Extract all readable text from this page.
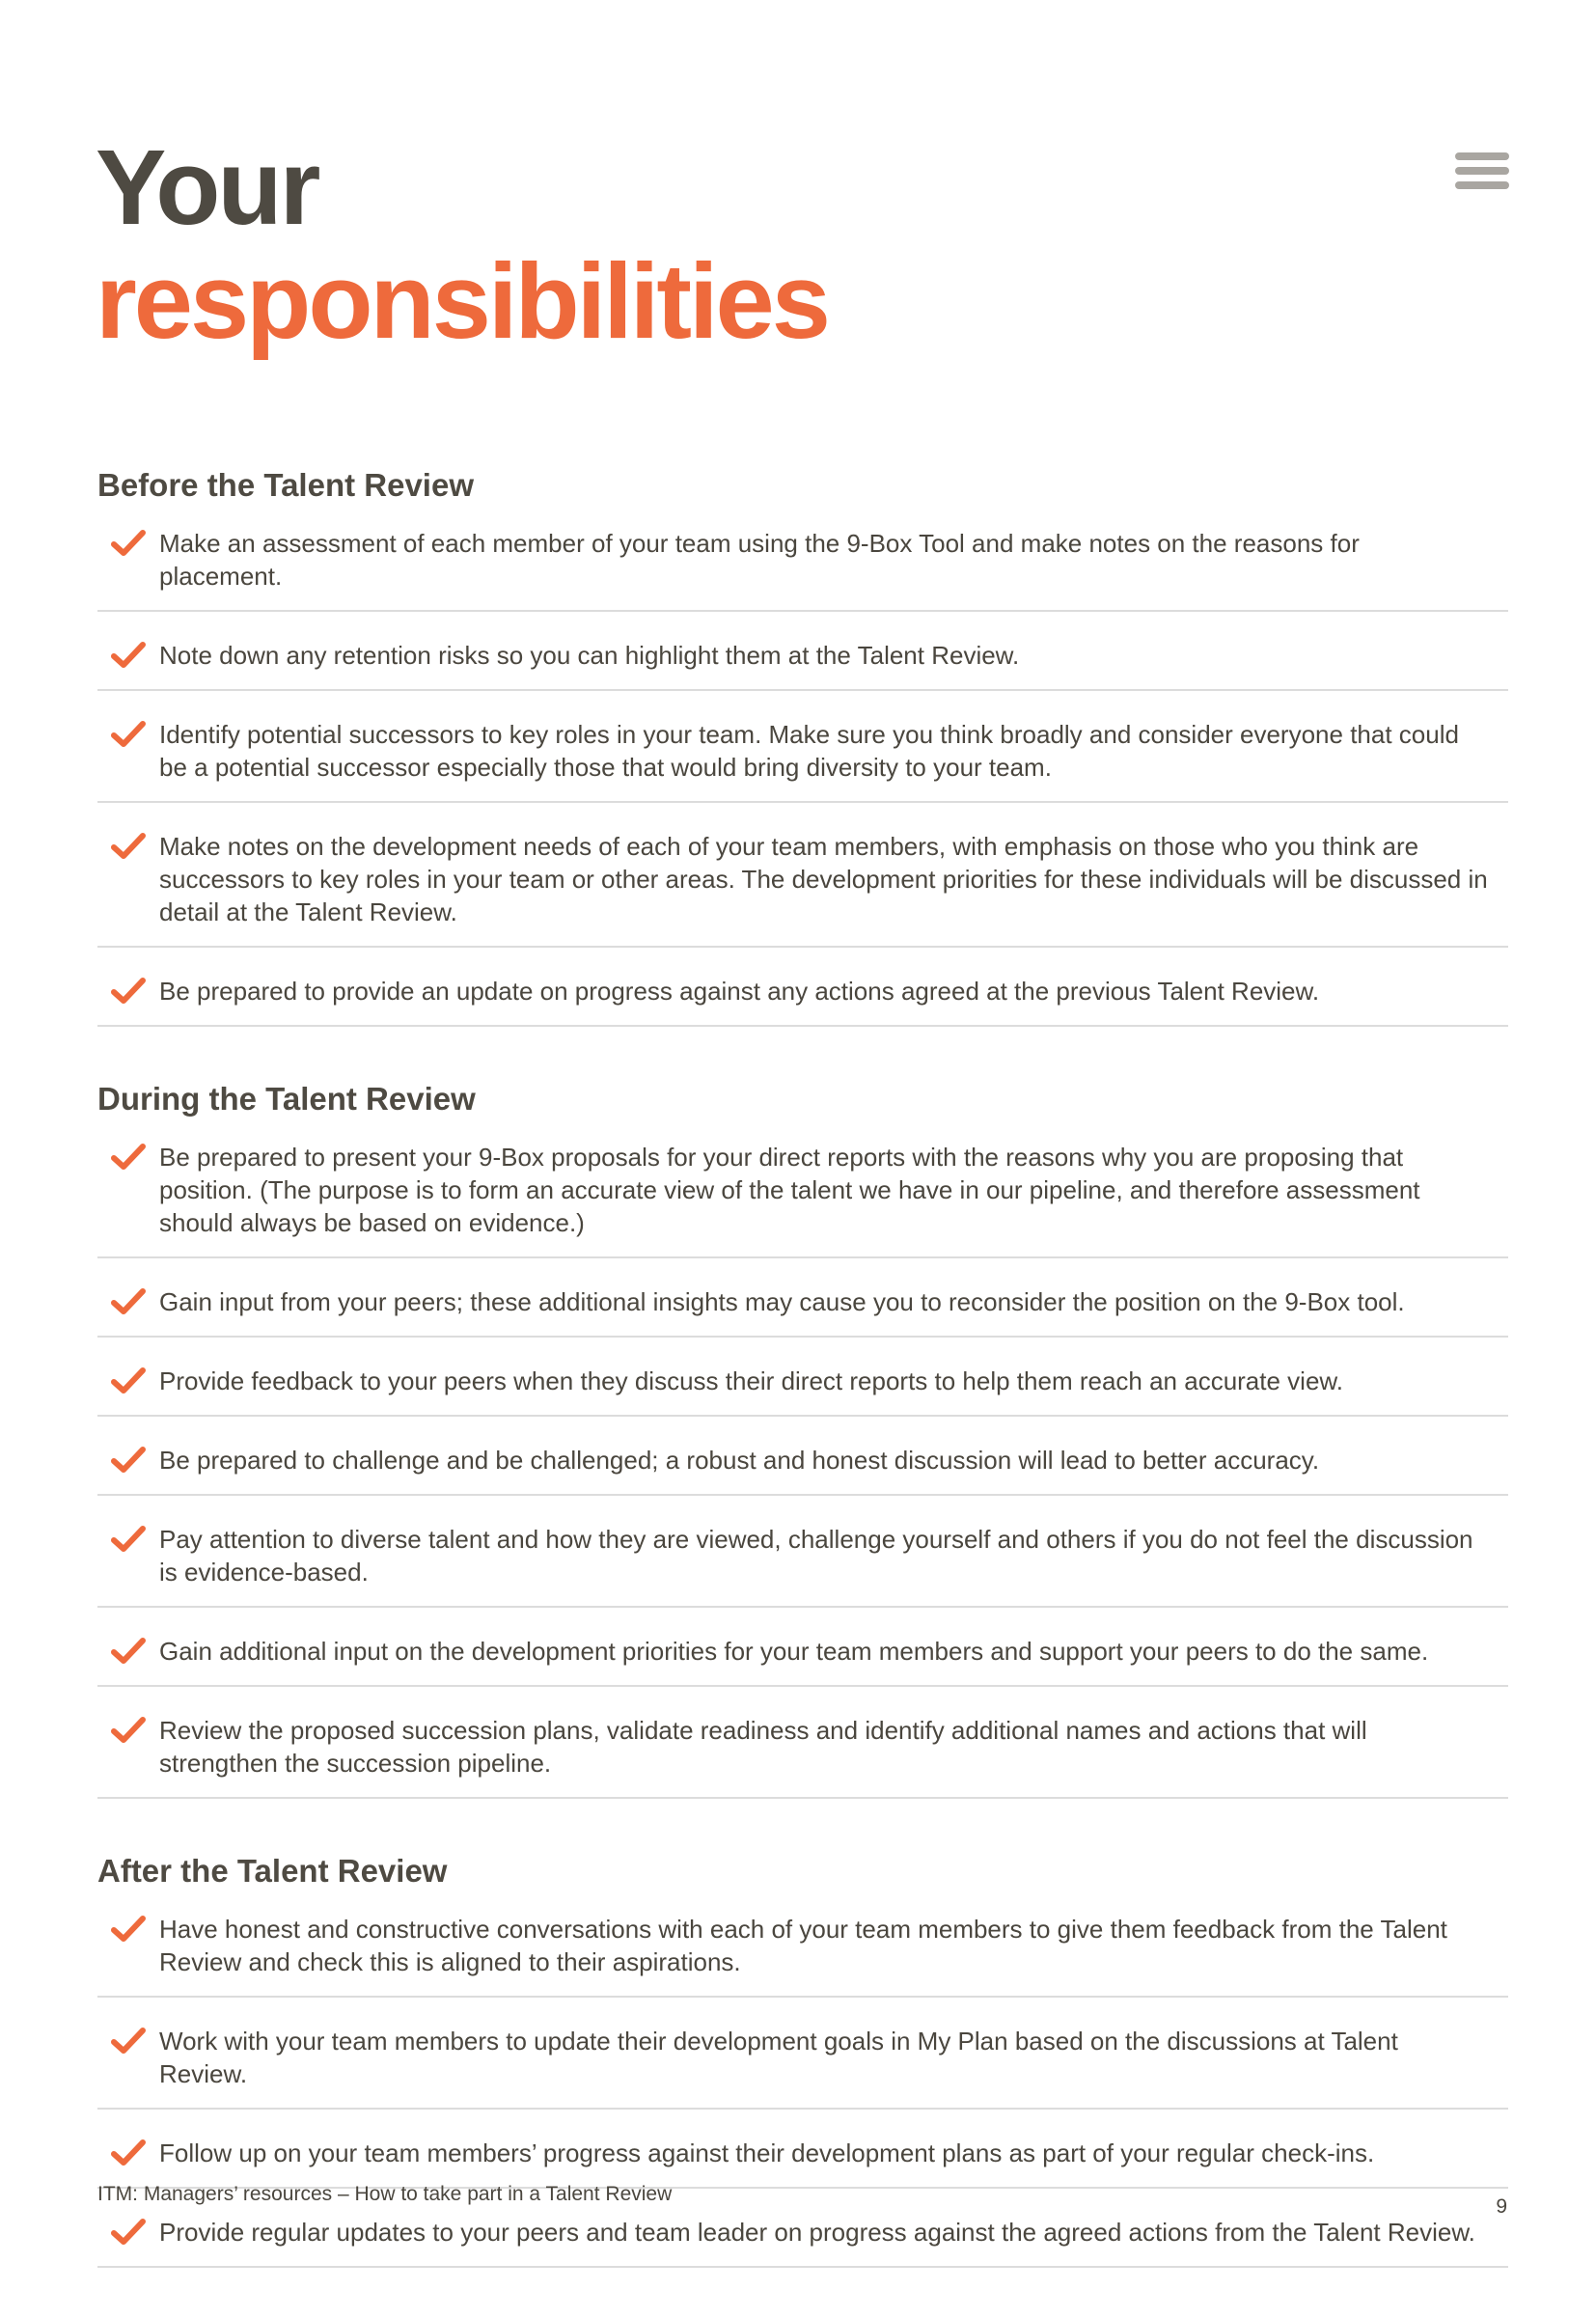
Your
responsibilities
Before the Talent Review
Make an assessment of each member of your team using the 9-Box Tool and make notes on the reasons for placement.
Note down any retention risks so you can highlight them at the Talent Review.
Identify potential successors to key roles in your team. Make sure you think broadly and consider everyone that could be a potential successor especially those that would bring diversity to your team.
Make notes on the development needs of each of your team members, with emphasis on those who you think are successors to key roles in your team or other areas. The development priorities for these individuals will be discussed in detail at the Talent Review.
Be prepared to provide an update on progress against any actions agreed at the previous Talent Review.
During the Talent Review
Be prepared to present your 9-Box proposals for your direct reports with the reasons why you are proposing that position. (The purpose is to form an accurate view of the talent we have in our pipeline, and therefore assessment should always be based on evidence.)
Gain input from your peers; these additional insights may cause you to reconsider the position on the 9-Box tool.
Provide feedback to your peers when they discuss their direct reports to help them reach an accurate view.
Be prepared to challenge and be challenged; a robust and honest discussion will lead to better accuracy.
Pay attention to diverse talent and how they are viewed, challenge yourself and others if you do not feel the discussion is evidence-based.
Gain additional input on the development priorities for your team members and support your peers to do the same.
Review the proposed succession plans, validate readiness and identify additional names and actions that will strengthen the succession pipeline.
After the Talent Review
Have honest and constructive conversations with each of your team members to give them feedback from the Talent Review and check this is aligned to their aspirations.
Work with your team members to update their development goals in My Plan based on the discussions at Talent Review.
Follow up on your team members’ progress against their development plans as part of your regular check-ins.
Provide regular updates to your peers and team leader on progress against the agreed actions from the Talent Review.
ITM: Managers’ resources – How to take part in a Talent Review
9
